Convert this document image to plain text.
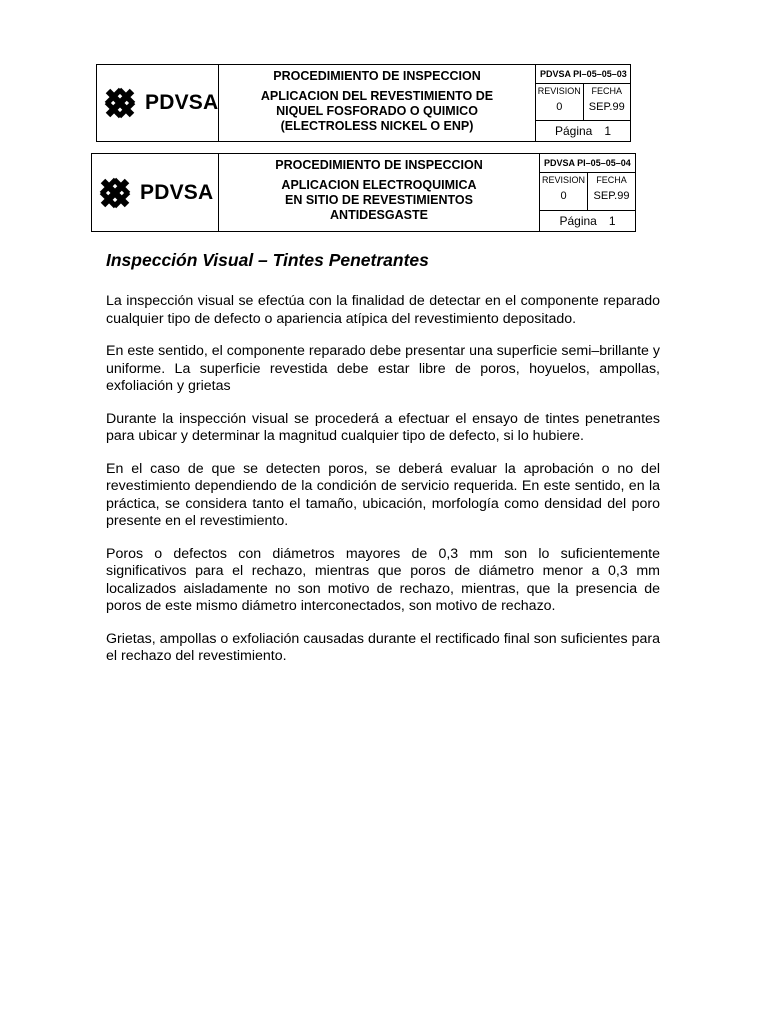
PDVSA
PROCEDIMIENTO DE INSPECCION
APLICACION DEL REVESTIMIENTO DE
NIQUEL FOSFORADO O QUIMICO
(ELECTROLESS NICKEL O ENP)
PDVSA PI–05–05–03
REVISION
0
FECHA
SEP.99
Página 1
PDVSA
PROCEDIMIENTO DE INSPECCION
APLICACION ELECTROQUIMICA
EN SITIO DE REVESTIMIENTOS
ANTIDESGASTE
PDVSA PI–05–05–04
REVISION
0
FECHA
SEP.99
Página 1
Inspección Visual – Tintes Penetrantes

La inspección visual se efectúa con la finalidad de detectar en el componente reparado cualquier tipo de defecto o apariencia atípica del revestimiento depositado.

En este sentido, el componente reparado debe presentar una superficie semi–brillante y uniforme. La superficie revestida debe estar libre de poros, hoyuelos, ampollas, exfoliación y grietas

Durante la inspección visual se procederá a efectuar el ensayo de tintes penetrantes para ubicar y determinar la magnitud cualquier tipo de defecto, si lo hubiere.

En el caso de que se detecten poros, se deberá evaluar la aprobación o no del revestimiento dependiendo de la condición de servicio requerida. En este sentido, en la práctica, se considera tanto el tamaño, ubicación, morfología como densidad del poro presente en el revestimiento.

Poros o defectos con diámetros mayores de 0,3 mm son lo suficientemente significativos para el rechazo, mientras que poros de diámetro menor a 0,3 mm localizados aisladamente no son motivo de rechazo, mientras, que la presencia de poros de este mismo diámetro interconectados, son motivo de rechazo.

Grietas, ampollas o exfoliación causadas durante el rectificado final son suficientes para el rechazo del revestimiento.
